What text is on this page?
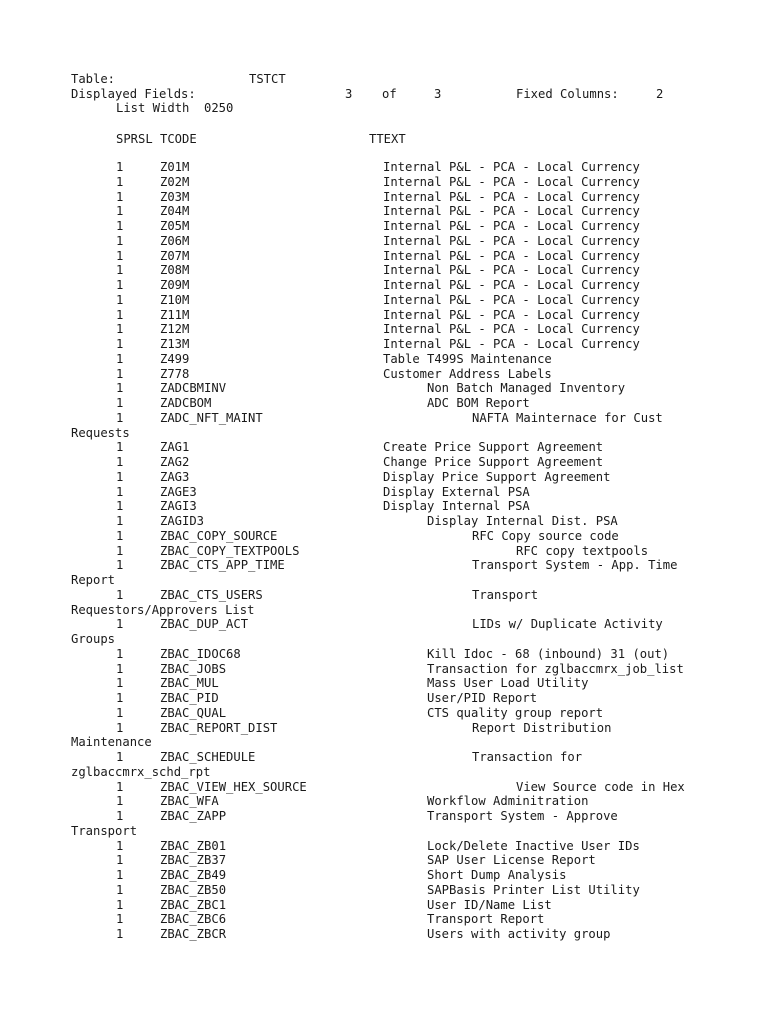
Table:	TSTCT
Displayed Fields:	3 of	3	Fixed Columns:	2
List Width 0250
SPRSL TCODE	TTEXT
1	Z01M	Internal P&L - PCA - Local Currency
1	Z02M	Internal P&L - PCA - Local Currency
1	Z03M	Internal P&L - PCA - Local Currency
1	Z04M	Internal P&L - PCA - Local Currency
1	Z05M	Internal P&L - PCA - Local Currency
1	Z06M	Internal P&L - PCA - Local Currency
1	Z07M	Internal P&L - PCA - Local Currency
1	Z08M	Internal P&L - PCA - Local Currency
1	Z09M	Internal P&L - PCA - Local Currency
1	Z10M	Internal P&L - PCA - Local Currency
1	Z11M	Internal P&L - PCA - Local Currency
1	Z12M	Internal P&L - PCA - Local Currency
1	Z13M	Internal P&L - PCA - Local Currency
1	Z499	Table T499S Maintenance
1	Z778	Customer Address Labels
1	ZADCBMINV	Non Batch Managed Inventory
1	ZADCBOM	ADC BOM Report
1	ZADC_NFT_MAINT	NAFTA Mainternace for Cust
Requests
1	ZAG1	Create Price Support Agreement
1	ZAG2	Change Price Support Agreement
1	ZAG3	Display Price Support Agreement
1	ZAGE3	Display External PSA
1	ZAGI3	Display Internal PSA
1	ZAGID3	Display Internal Dist. PSA
1	ZBAC_COPY_SOURCE	RFC Copy source code
1	ZBAC_COPY_TEXTPOOLS	RFC copy textpools
1	ZBAC_CTS_APP_TIME	Transport System - App. Time
Report
1	ZBAC_CTS_USERS	Transport
Requestors/Approvers List
1	ZBAC_DUP_ACT	LIDs w/ Duplicate Activity
Groups
1	ZBAC_IDOC68	Kill Idoc - 68 (inbound) 31 (out)
1	ZBAC_JOBS	Transaction for zglbaccmrx_job_list
1	ZBAC_MUL	Mass User Load Utility
1	ZBAC_PID	User/PID Report
1	ZBAC_QUAL	CTS quality group report
1	ZBAC_REPORT_DIST	Report Distribution
Maintenance
1	ZBAC_SCHEDULE	Transaction for
zglbaccmrx_schd_rpt
1	ZBAC_VIEW_HEX_SOURCE	View Source code in Hex
1	ZBAC_WFA	Workflow Adminitration
1	ZBAC_ZAPP	Transport System - Approve
Transport
1	ZBAC_ZB01	Lock/Delete Inactive User IDs
1	ZBAC_ZB37	SAP User License Report
1	ZBAC_ZB49	Short Dump Analysis
1	ZBAC_ZB50	SAPBasis Printer List Utility
1	ZBAC_ZBC1	User ID/Name List
1	ZBAC_ZBC6	Transport Report
1	ZBAC_ZBCR	Users with activity group
